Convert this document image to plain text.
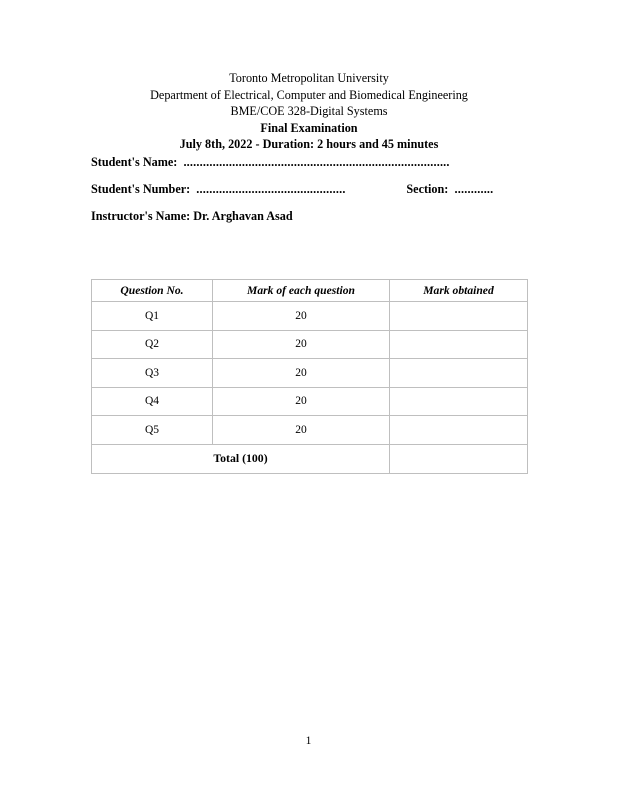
Toronto Metropolitan University
Department of Electrical, Computer and Biomedical Engineering
BME/COE 328-Digital Systems
Final Examination
July 8th, 2022 - Duration: 2 hours and 45 minutes
Student's Name: ..................................................................................
Student's Number: ..............................................	Section: ............
Instructor's Name: Dr. Arghavan Asad
Question No.	Mark of each question	Mark obtained
Q1	20	
Q2	20	
Q3	20	
Q4	20	
Q5	20	
Total (100)		
1
